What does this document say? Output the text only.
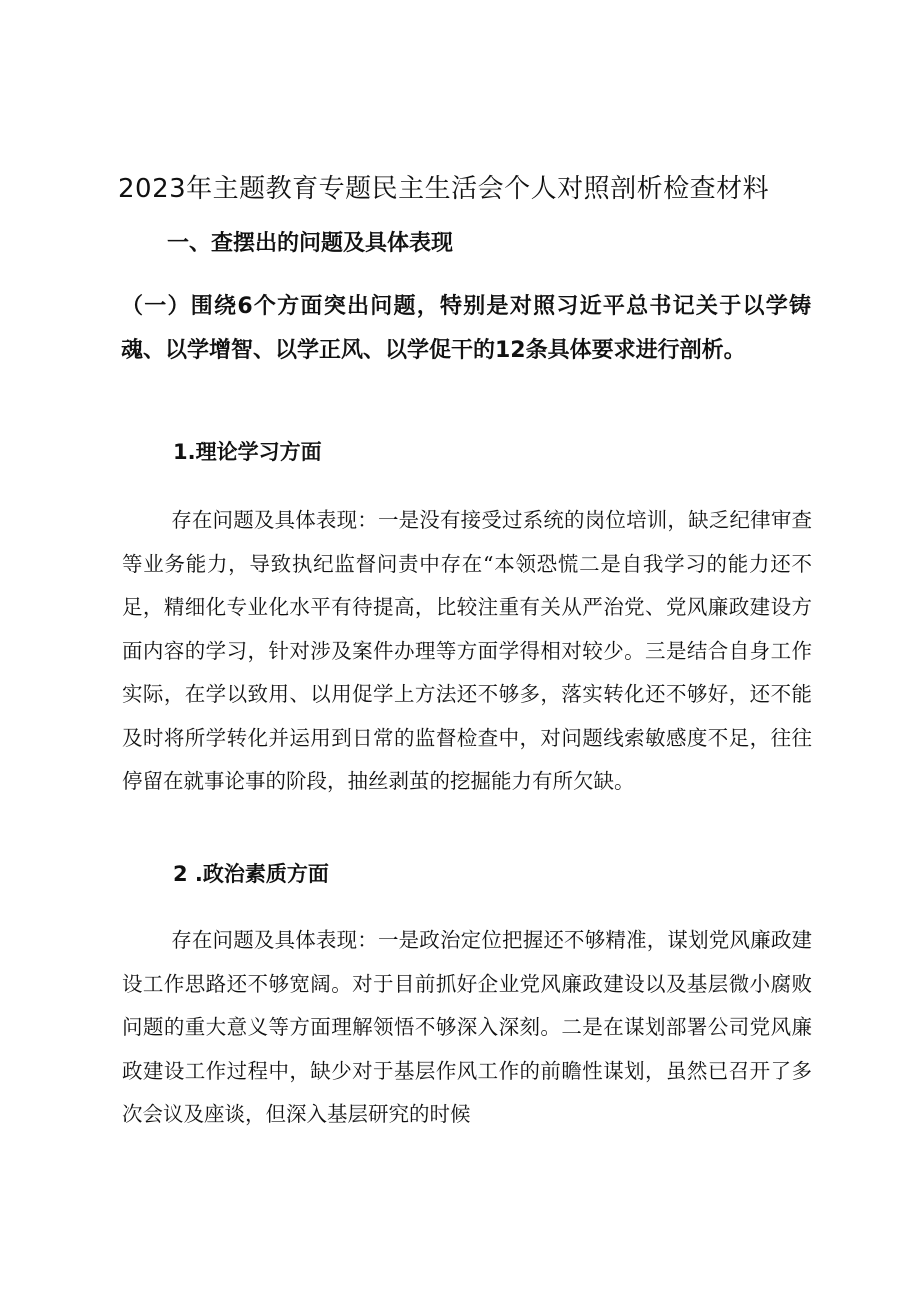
2023年主题教育专题民主生活会个人对照剖析检查材料
一、查摆出的问题及具体表现
（一）围绕6个方面突出问题，特别是对照习近平总书记关于以学铸魂、以学增智、以学正风、以学促干的12条具体要求进行剖析。
1.理论学习方面
存在问题及具体表现：一是没有接受过系统的岗位培训，缺乏纪律审查等业务能力，导致执纪监督问责中存在“本领恐慌二是自我学习的能力还不足，精细化专业化水平有待提高，比较注重有关从严治党、党风廉政建设方面内容的学习，针对涉及案件办理等方面学得相对较少。三是结合自身工作实际，在学以致用、以用促学上方法还不够多，落实转化还不够好，还不能及时将所学转化并运用到日常的监督检查中，对问题线索敏感度不足，往往停留在就事论事的阶段，抽丝剥茧的挖掘能力有所欠缺。
2 .政治素质方面
存在问题及具体表现：一是政治定位把握还不够精准，谋划党风廉政建设工作思路还不够宽阔。对于目前抓好企业党风廉政建设以及基层微小腐败问题的重大意义等方面理解领悟不够深入深刻。二是在谋划部署公司党风廉政建设工作过程中，缺少对于基层作风工作的前瞻性谋划，虽然已召开了多次会议及座谈，但深入基层研究的时候
